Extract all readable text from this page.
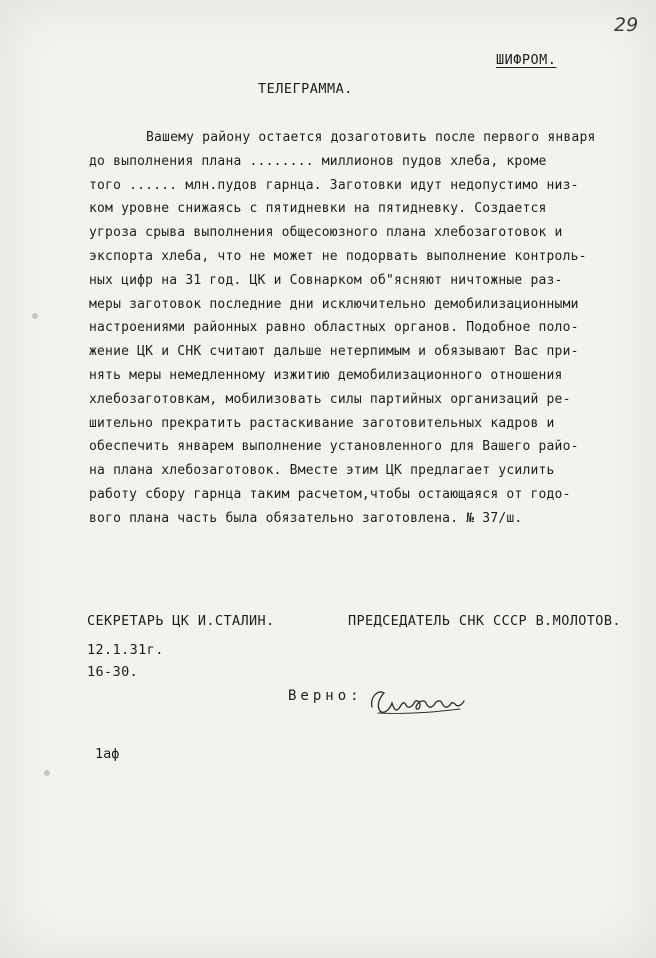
29
ШИФРОМ.
ТЕЛЕГРАММА.
Вашему району остается дозаготовить после первого января
до выполнения плана ........ миллионов пудов хлеба, кроме
того ...... млн.пудов гарнца. Заготовки идут недопустимо низ-
ком уровне снижаясь с пятидневки на пятидневку. Создается
угроза срыва выполнения общесоюзного плана хлебозаготовок и
экспорта хлеба, что не может не подорвать выполнение контроль-
ных цифр на 31 год. ЦК и Совнарком об"ясняют ничтожные раз-
меры заготовок последние дни исключительно демобилизационными
настроениями районных равно областных органов. Подобное поло-
жение ЦК и СНК считают дальше нетерпимым и обязывают Вас при-
нять меры немедленному изжитию демобилизационного отношения
хлебозаготовкам, мобилизовать силы партийных организаций ре-
шительно прекратить растаскивание заготовительных кадров и
обеспечить январем выполнение установленного для Вашего райо-
на плана хлебозаготовок. Вместе этим ЦК предлагает усилить
работу сбору гарнца таким расчетом,чтобы остающаяся от годо-
вого плана часть была обязательно заготовлена. № 37/ш.
СЕКРЕТАРЬ ЦК И.СТАЛИН.	ПРЕДСЕДАТЕЛЬ СНК СССР В.МОЛОТОВ.
12.1.31г.
16-30.
Верно:
1аф
